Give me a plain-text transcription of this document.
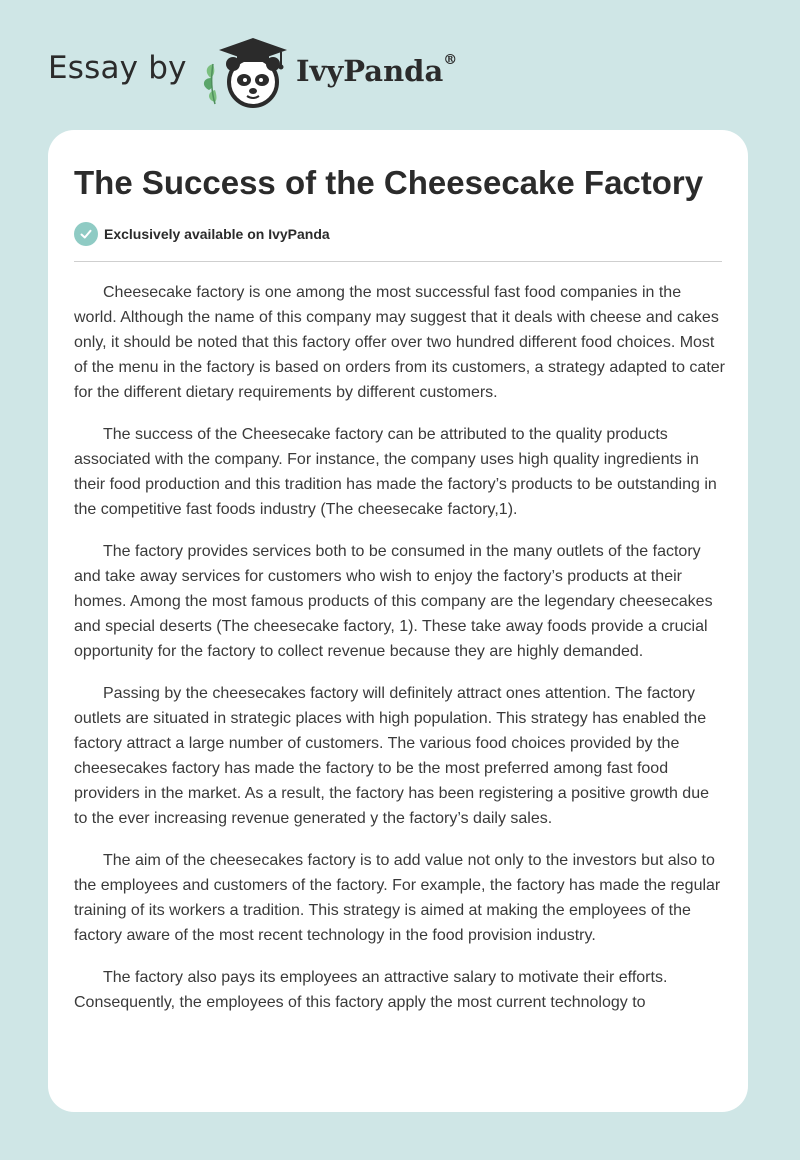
Essay by	IvyPanda®
The Success of the Cheesecake Factory
Exclusively available on IvyPanda

Cheesecake factory is one among the most successful fast food companies in the world. Although the name of this company may suggest that it deals with cheese and cakes only, it should be noted that this factory offer over two hundred different food choices. Most of the menu in the factory is based on orders from its customers, a strategy adapted to cater for the different dietary requirements by different customers.

The success of the Cheesecake factory can be attributed to the quality products associated with the company. For instance, the company uses high quality ingredients in their food production and this tradition has made the factory’s products to be outstanding in the competitive fast foods industry (The cheesecake factory,1).

The factory provides services both to be consumed in the many outlets of the factory and take away services for customers who wish to enjoy the factory’s products at their homes. Among the most famous products of this company are the legendary cheesecakes and special deserts (The cheesecake factory, 1). These take away foods provide a crucial opportunity for the factory to collect revenue because they are highly demanded.

Passing by the cheesecakes factory will definitely attract ones attention. The factory outlets are situated in strategic places with high population. This strategy has enabled the factory attract a large number of customers. The various food choices provided by the cheesecakes factory has made the factory to be the most preferred among fast food providers in the market. As a result, the factory has been registering a positive growth due to the ever increasing revenue generated y the factory’s daily sales.

The aim of the cheesecakes factory is to add value not only to the investors but also to the employees and customers of the factory. For example, the factory has made the regular training of its workers a tradition. This strategy is aimed at making the employees of the factory aware of the most recent technology in the food provision industry.

The factory also pays its employees an attractive salary to motivate their efforts. Consequently, the employees of this factory apply the most current technology to
